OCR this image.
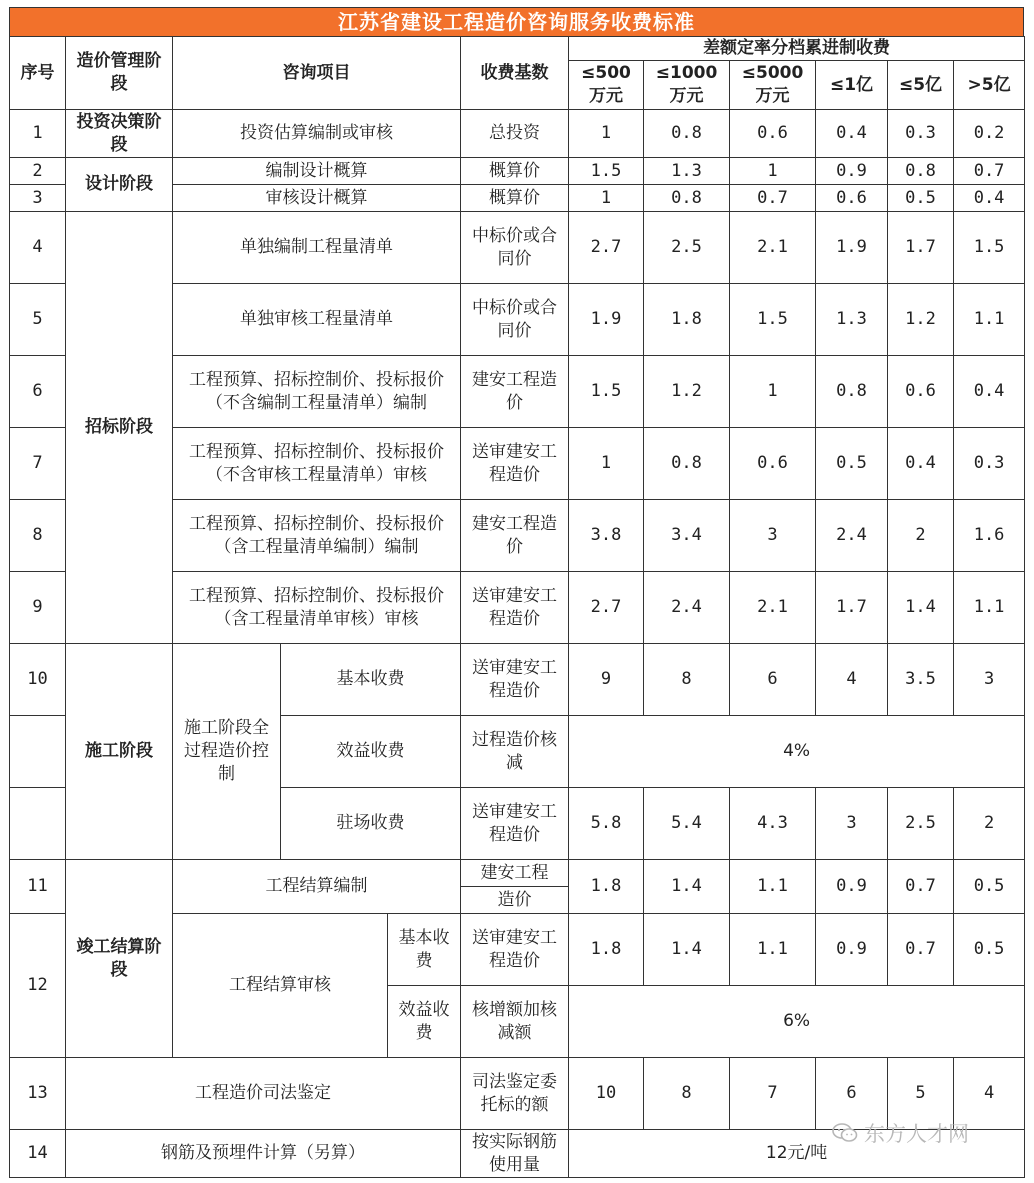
江苏省建设工程造价咨询服务收费标准
序号	造价管理阶段	咨询项目			收费基数	差额定率分档累进制收费					
						≤500万元	≤1000万元	≤5000万元	≤1亿	≤5亿	>5亿
1	投资决策阶段	投资估算编制或审核			总投资	1	0.8	0.6	0.4	0.3	0.2
2	设计阶段	编制设计概算			概算价	1.5	1.3	1	0.9	0.8	0.7
3		审核设计概算			概算价	1	0.8	0.7	0.6	0.5	0.4
4	招标阶段	单独编制工程量清单			中标价或合同价	2.7	2.5	2.1	1.9	1.7	1.5
5		单独审核工程量清单			中标价或合同价	1.9	1.8	1.5	1.3	1.2	1.1
6		工程预算、招标控制价、投标报价（不含编制工程量清单）编制			建安工程造价	1.5	1.2	1	0.8	0.6	0.4
7		工程预算、招标控制价、投标报价（不含审核工程量清单）审核			送审建安工程造价	1	0.8	0.6	0.5	0.4	0.3
8		工程预算、招标控制价、投标报价（含工程量清单编制）编制			建安工程造价	3.8	3.4	3	2.4	2	1.6
9		工程预算、招标控制价、投标报价（含工程量清单审核）审核			送审建安工程造价	2.7	2.4	2.1	1.7	1.4	1.1
10	施工阶段	施工阶段全过程造价控制	基本收费		送审建安工程造价	9	8	6	4	3.5	3
			效益收费		过程造价核减	4%					
			驻场收费		送审建安工程造价	5.8	5.4	4.3	3	2.5	2
11	竣工结算阶段	工程结算编制			建安工程	1.8	1.4	1.1	0.9	0.7	0.5
					造价						
12		工程结算审核		基本收费	送审建安工程造价	1.8	1.4	1.1	0.9	0.7	0.5
				效益收费	核增额加核减额	6%					

13	工程造价司法鉴定				司法鉴定委托标的额	10	8	7	6	5	4
14	钢筋及预埋件计算（另算）				按实际钢筋使用量	12元/吨					
东方人才网
